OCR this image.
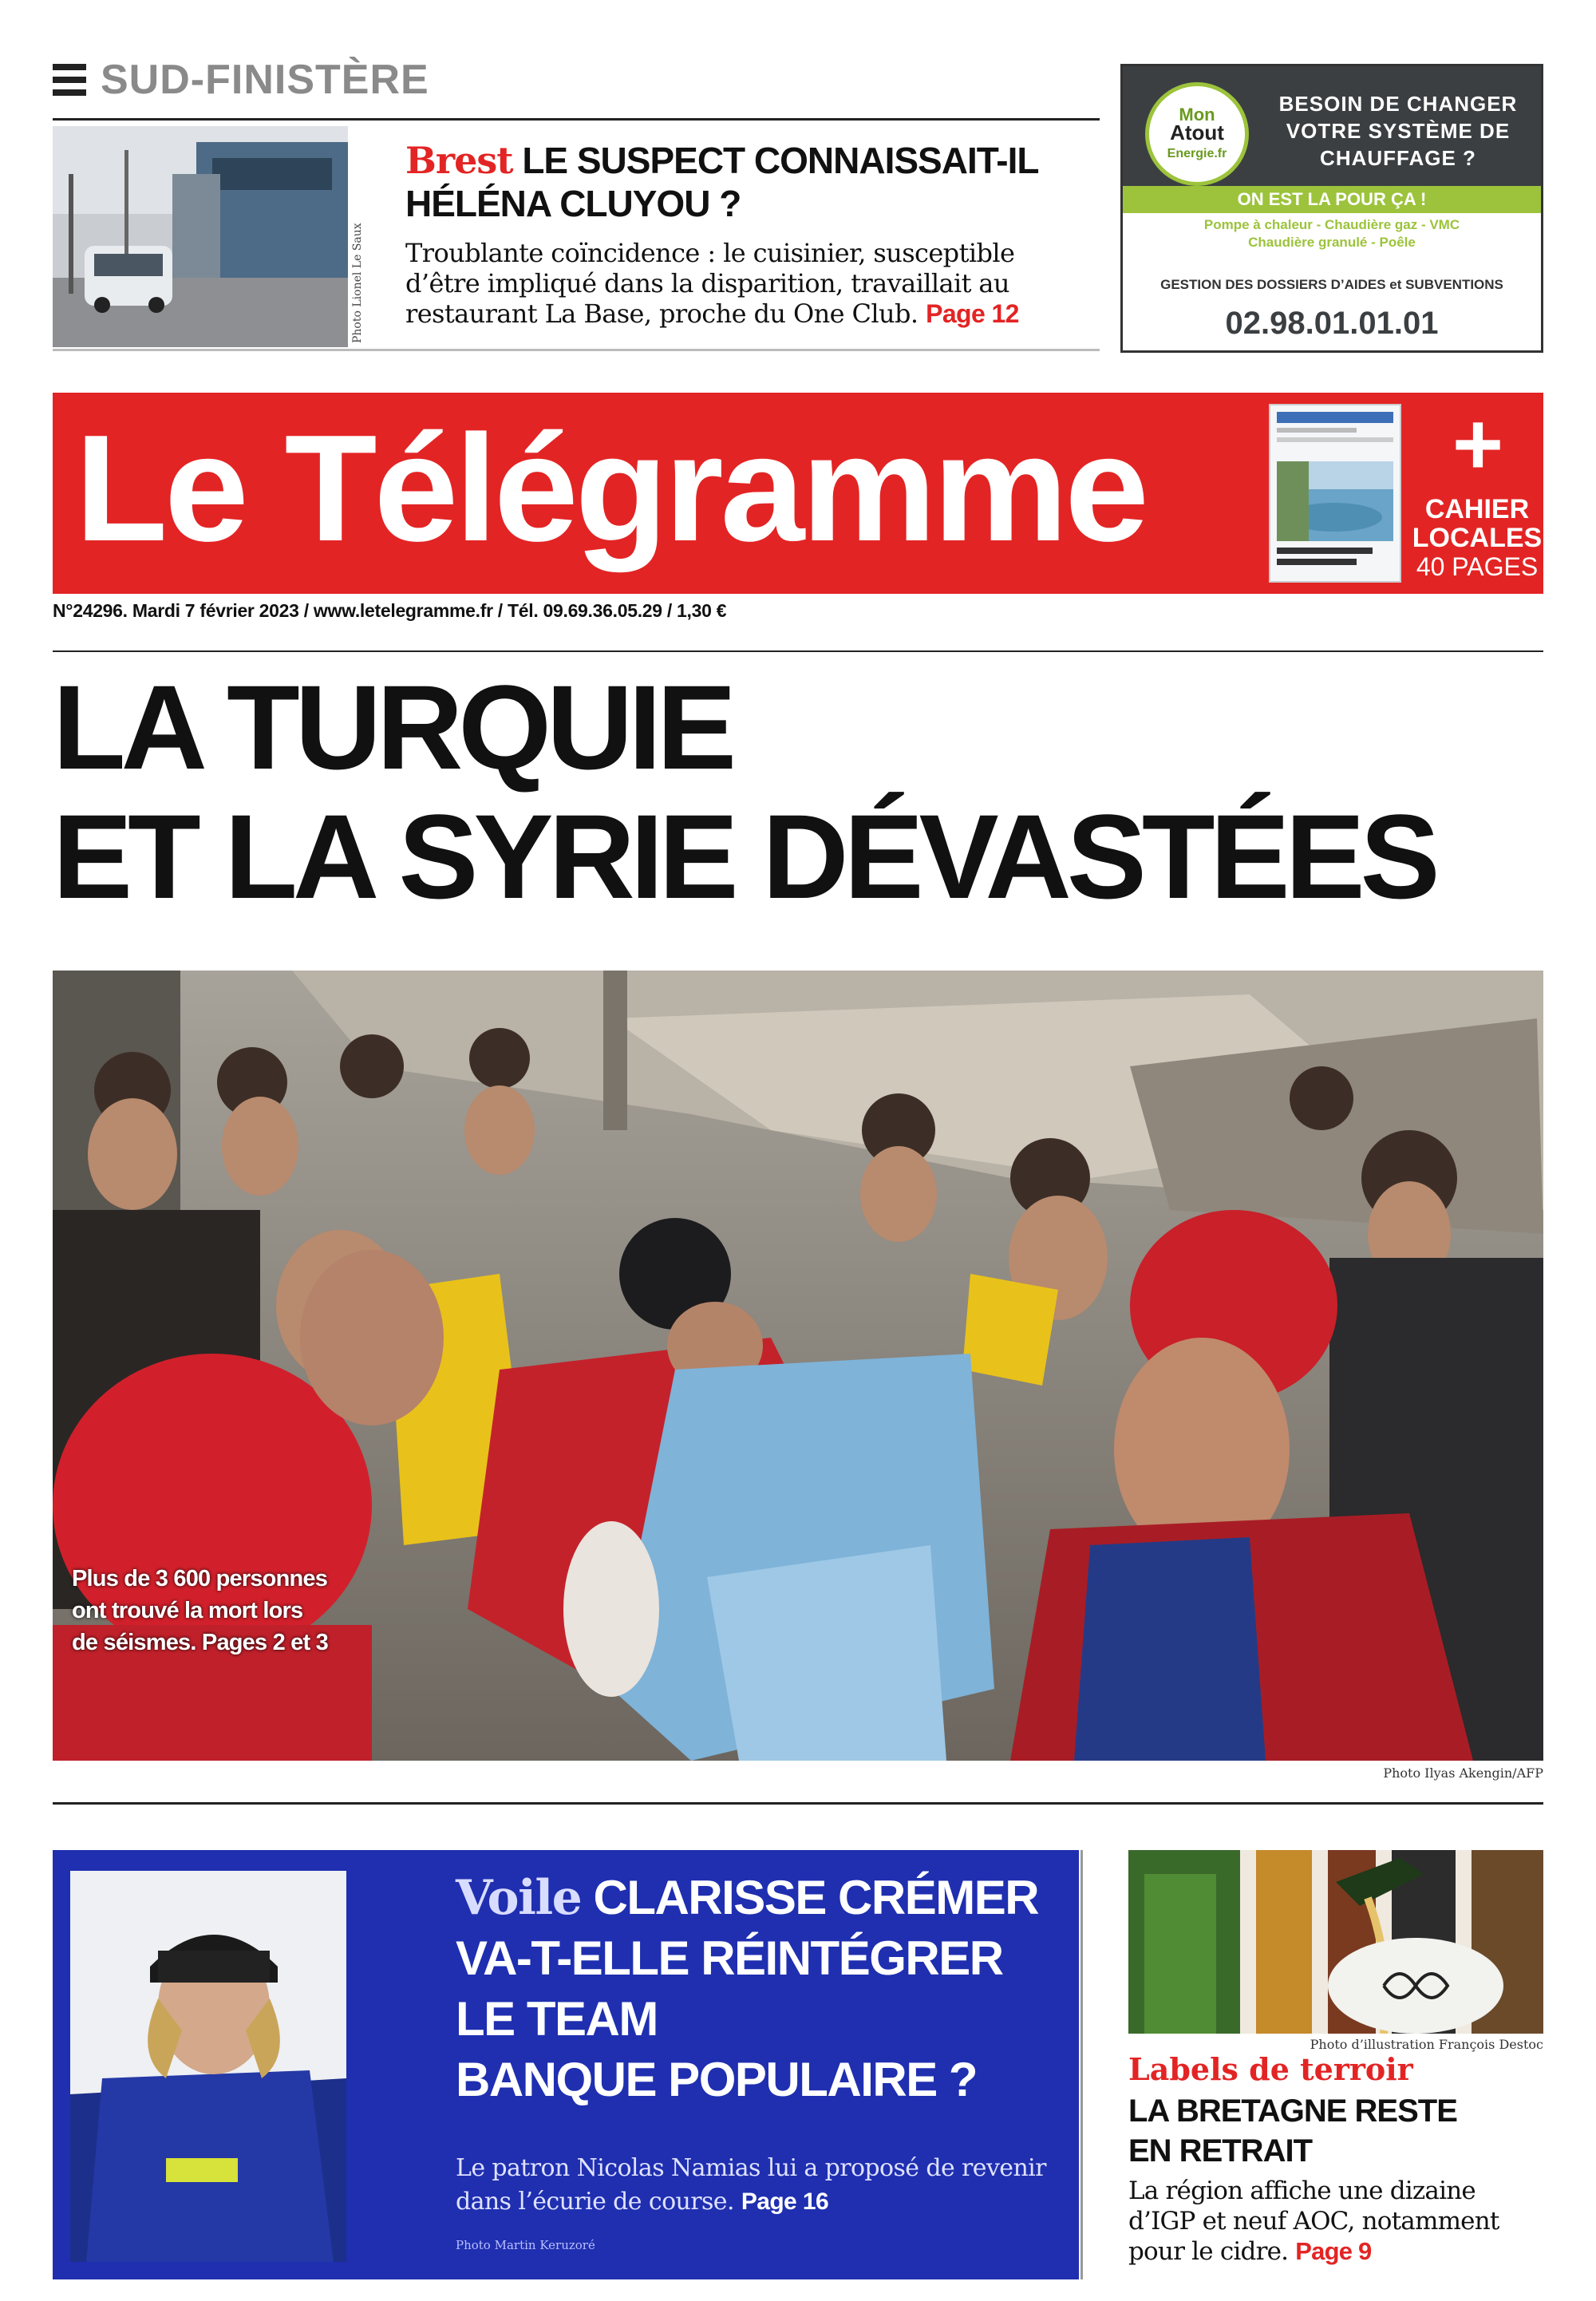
SUD-FINISTÈRE
Photo Lionel Le Saux
Brest LE SUSPECT CONNAISSAIT-IL HÉLÉNA CLUYOU ?
Troublante coïncidence : le cuisinier, susceptible d’être impliqué dans la disparition, travaillait au restaurant La Base, proche du One Club. Page 12
Mon
Atout
Energie.fr
BESOIN DE CHANGER VOTRE SYSTÈME DE CHAUFFAGE ?
ON EST LA POUR ÇA !
Pompe à chaleur - Chaudière gaz - VMC
Chaudière granulé - Poêle
GESTION DES DOSSIERS D’AIDES et SUBVENTIONS
02.98.01.01.01
Le Télégramme	+
CAHIER
LOCALES
40 PAGES
N°24296. Mardi 7 février 2023 / www.letelegramme.fr / Tél. 09.69.36.05.29 / 1,30 €
LA TURQUIE
ET LA SYRIE DÉVASTÉES
Plus de 3 600 personnes
ont trouvé la mort lors
de séismes. Pages 2 et 3
Photo Ilyas Akengin/AFP
Voile CLARISSE CRÉMER
VA-T-ELLE RÉINTÉGRER
LE TEAM
BANQUE POPULAIRE ?
Le patron Nicolas Namias lui a proposé de revenir dans l’écurie de course. Page 16
Photo Martin Keruzoré
Photo d’illustration François Destoc
Labels de terroir
LA BRETAGNE RESTE
EN RETRAIT
La région affiche une dizaine d’IGP et neuf AOC, notamment pour le cidre. Page 9
